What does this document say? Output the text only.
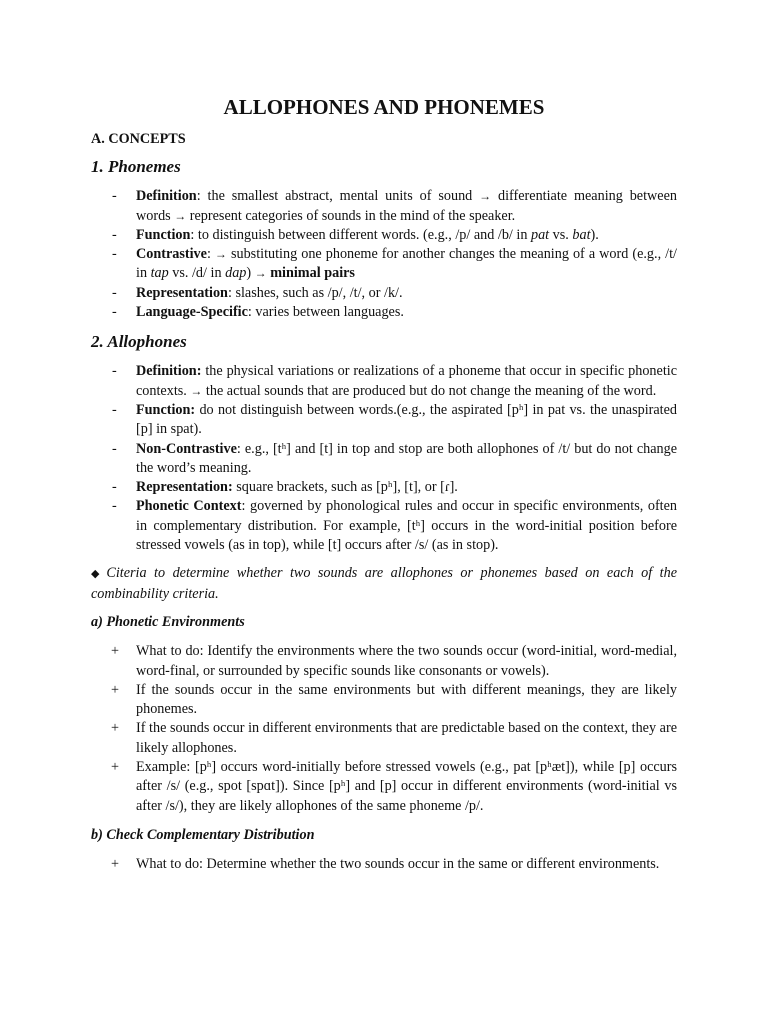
ALLOPHONES AND PHONEMES
A. CONCEPTS
1. Phonemes
- Definition: the smallest abstract, mental units of sound → differentiate meaning between words → represent categories of sounds in the mind of the speaker.
- Function: to distinguish between different words. (e.g., /p/ and /b/ in pat vs. bat).
- Contrastive: → substituting one phoneme for another changes the meaning of a word (e.g., /t/ in tap vs. /d/ in dap) → minimal pairs
- Representation: slashes, such as /p/, /t/, or /k/.
- Language-Specific: varies between languages.
2. Allophones
- Definition: the physical variations or realizations of a phoneme that occur in specific phonetic contexts. → the actual sounds that are produced but do not change the meaning of the word.
- Function: do not distinguish between words.(e.g., the aspirated [pʰ] in pat vs. the unaspirated [p] in spat).
- Non-Contrastive: e.g., [tʰ] and [t] in top and stop are both allophones of /t/ but do not change the word’s meaning.
- Representation: square brackets, such as [pʰ], [t], or [ɾ].
- Phonetic Context: governed by phonological rules and occur in specific environments, often in complementary distribution. For example, [tʰ] occurs in the word-initial position before stressed vowels (as in top), while [t] occurs after /s/ (as in stop).
◆ Citeria to determine whether two sounds are allophones or phonemes based on each of the combinability criteria.
a) Phonetic Environments
+ What to do: Identify the environments where the two sounds occur (word-initial, word-medial, word-final, or surrounded by specific sounds like consonants or vowels).
+ If the sounds occur in the same environments but with different meanings, they are likely phonemes.
+ If the sounds occur in different environments that are predictable based on the context, they are likely allophones.
+ Example: [pʰ] occurs word-initially before stressed vowels (e.g., pat [pʰæt]), while [p] occurs after /s/ (e.g., spot [spɑt]). Since [pʰ] and [p] occur in different environments (word-initial vs after /s/), they are likely allophones of the same phoneme /p/.
b) Check Complementary Distribution
+ What to do: Determine whether the two sounds occur in the same or different environments.
